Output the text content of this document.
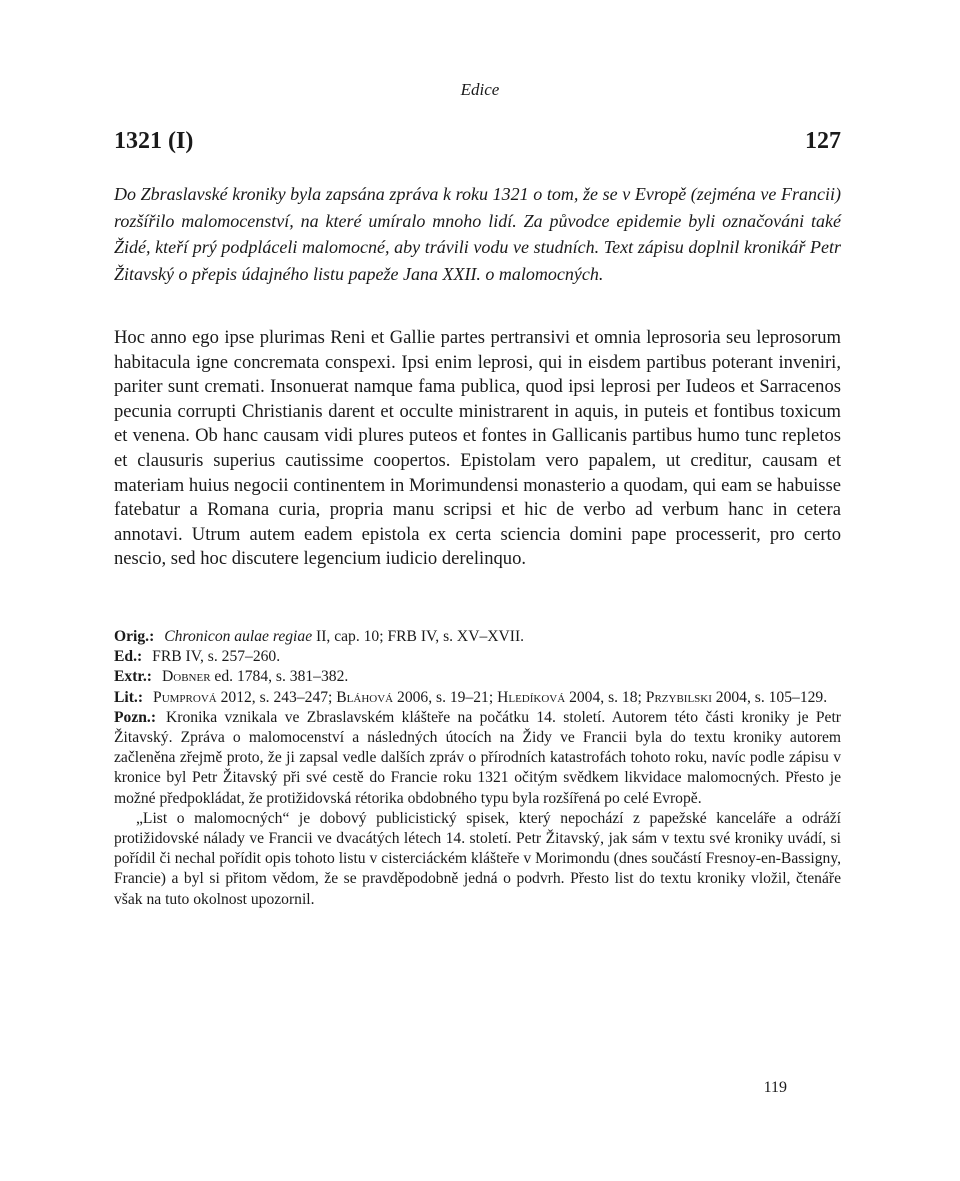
Edice
1321 (I)	127

Do Zbraslavské kroniky byla zapsána zpráva k roku 1321 o tom, že se v Evropě (zejména ve Francii) rozšířilo malomocenství, na které umíralo mnoho lidí. Za původce epidemie byli označováni také Židé, kteří prý podpláceli malomocné, aby trávili vodu ve studních. Text zápisu doplnil kronikář Petr Žitavský o přepis údajného listu papeže Jana XXII. o malomocných.

Hoc anno ego ipse plurimas Reni et Gallie partes pertransivi et omnia leprosoria seu leprosorum habitacula igne concremata conspexi. Ipsi enim leprosi, qui in eisdem partibus poterant inveniri, pariter sunt cremati. Insonuerat namque fama publica, quod ipsi leprosi per Iudeos et Sarracenos pecunia corrupti Christianis darent et occulte ministrarent in aquis, in puteis et fontibus toxicum et venena. Ob hanc causam vidi plures puteos et fontes in Gallicanis partibus humo tunc repletos et clausuris superius cautissime coopertos. Epistolam vero papalem, ut creditur, causam et materiam huius negocii continentem in Morimundensi monasterio a quodam, qui eam se habuisse fatebatur a Romana curia, propria manu scripsi et hic de verbo ad verbum hanc in cetera annotavi. Utrum autem eadem epistola ex certa sciencia domini pape processerit, pro certo nescio, sed hoc discutere legencium iudicio derelinquo.

Orig.: Chronicon aulae regiae II, cap. 10; FRB IV, s. XV–XVII.

Ed.: FRB IV, s. 257–260.

Extr.: Dobner ed. 1784, s. 381–382.

Lit.: Pumprová 2012, s. 243–247; Bláhová 2006, s. 19–21; Hledíková 2004, s. 18; Przybilski 2004, s. 105–129.

Pozn.: Kronika vznikala ve Zbraslavském klášteře na počátku 14. století. Autorem této části kroniky je Petr Žitavský. Zpráva o malomocenství a následných útocích na Židy ve Francii byla do textu kroniky autorem začleněna zřejmě proto, že ji zapsal vedle dalších zpráv o přírodních katastrofách tohoto roku, navíc podle zápisu v kronice byl Petr Žitavský při své cestě do Francie roku 1321 očitým svědkem likvidace malomocných. Přesto je možné předpokládat, že protižidovská rétorika obdobného typu byla rozšířená po celé Evropě.

„List o malomocných“ je dobový publicistický spisek, který nepochází z papežské kanceláře a odráží protižidovské nálady ve Francii ve dvacátých létech 14. století. Petr Žitavský, jak sám v textu své kroniky uvádí, si pořídil či nechal pořídit opis tohoto listu v cisterciáckém klášteře v Morimondu (dnes součástí Fresnoy-en-Bassigny, Francie) a byl si přitom vědom, že se pravděpodobně jedná o podvrh. Přesto list do textu kroniky vložil, čtenáře však na tuto okolnost upozornil.

119
